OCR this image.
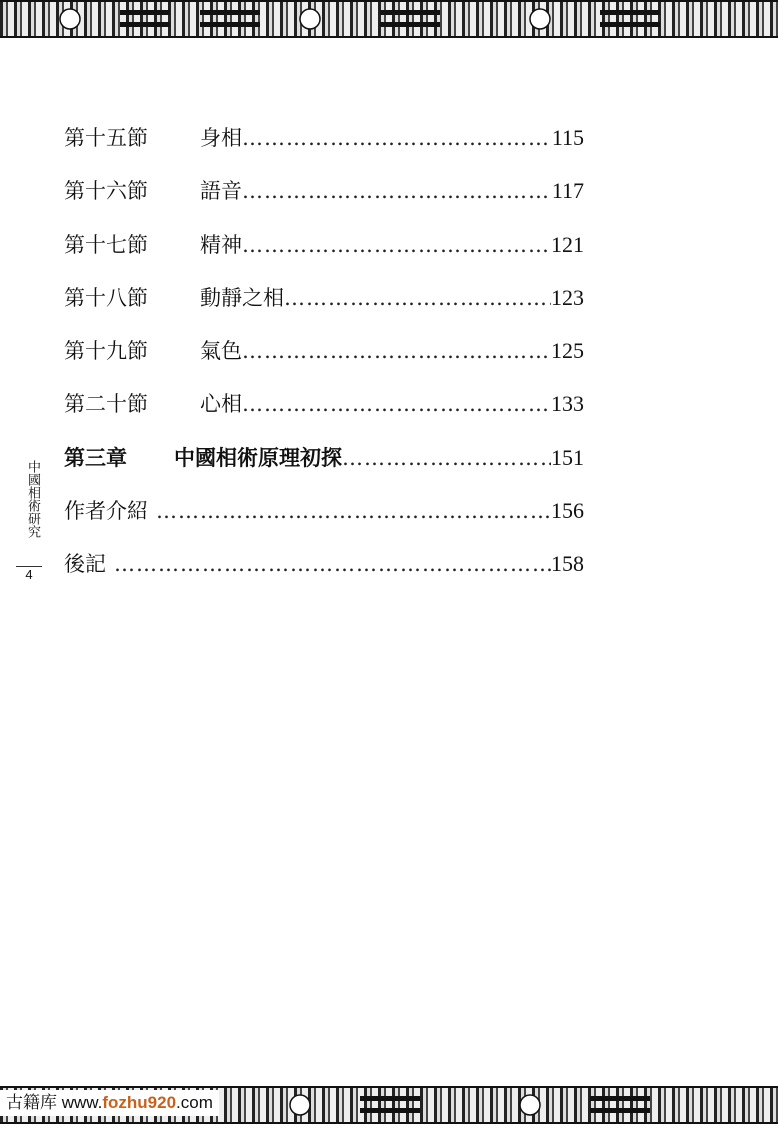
中國相術研究
4
第十五節	身相 …………………………………………………………………………………………	115
第十六節	語音 …………………………………………………………………………………………	117
第十七節	精神 …………………………………………………………………………………………	121
第十八節	動靜之相 …………………………………………………………………………………………	123
第十九節	氣色 …………………………………………………………………………………………	125
第二十節	心相 …………………………………………………………………………………………	133
第三章	中國相術原理初探 …………………………………………………………………………………………	151
作者介紹 …………………………………………………………………………………………	156
後記 …………………………………………………………………………………………	158
古籍库 www.fozhu920.com
